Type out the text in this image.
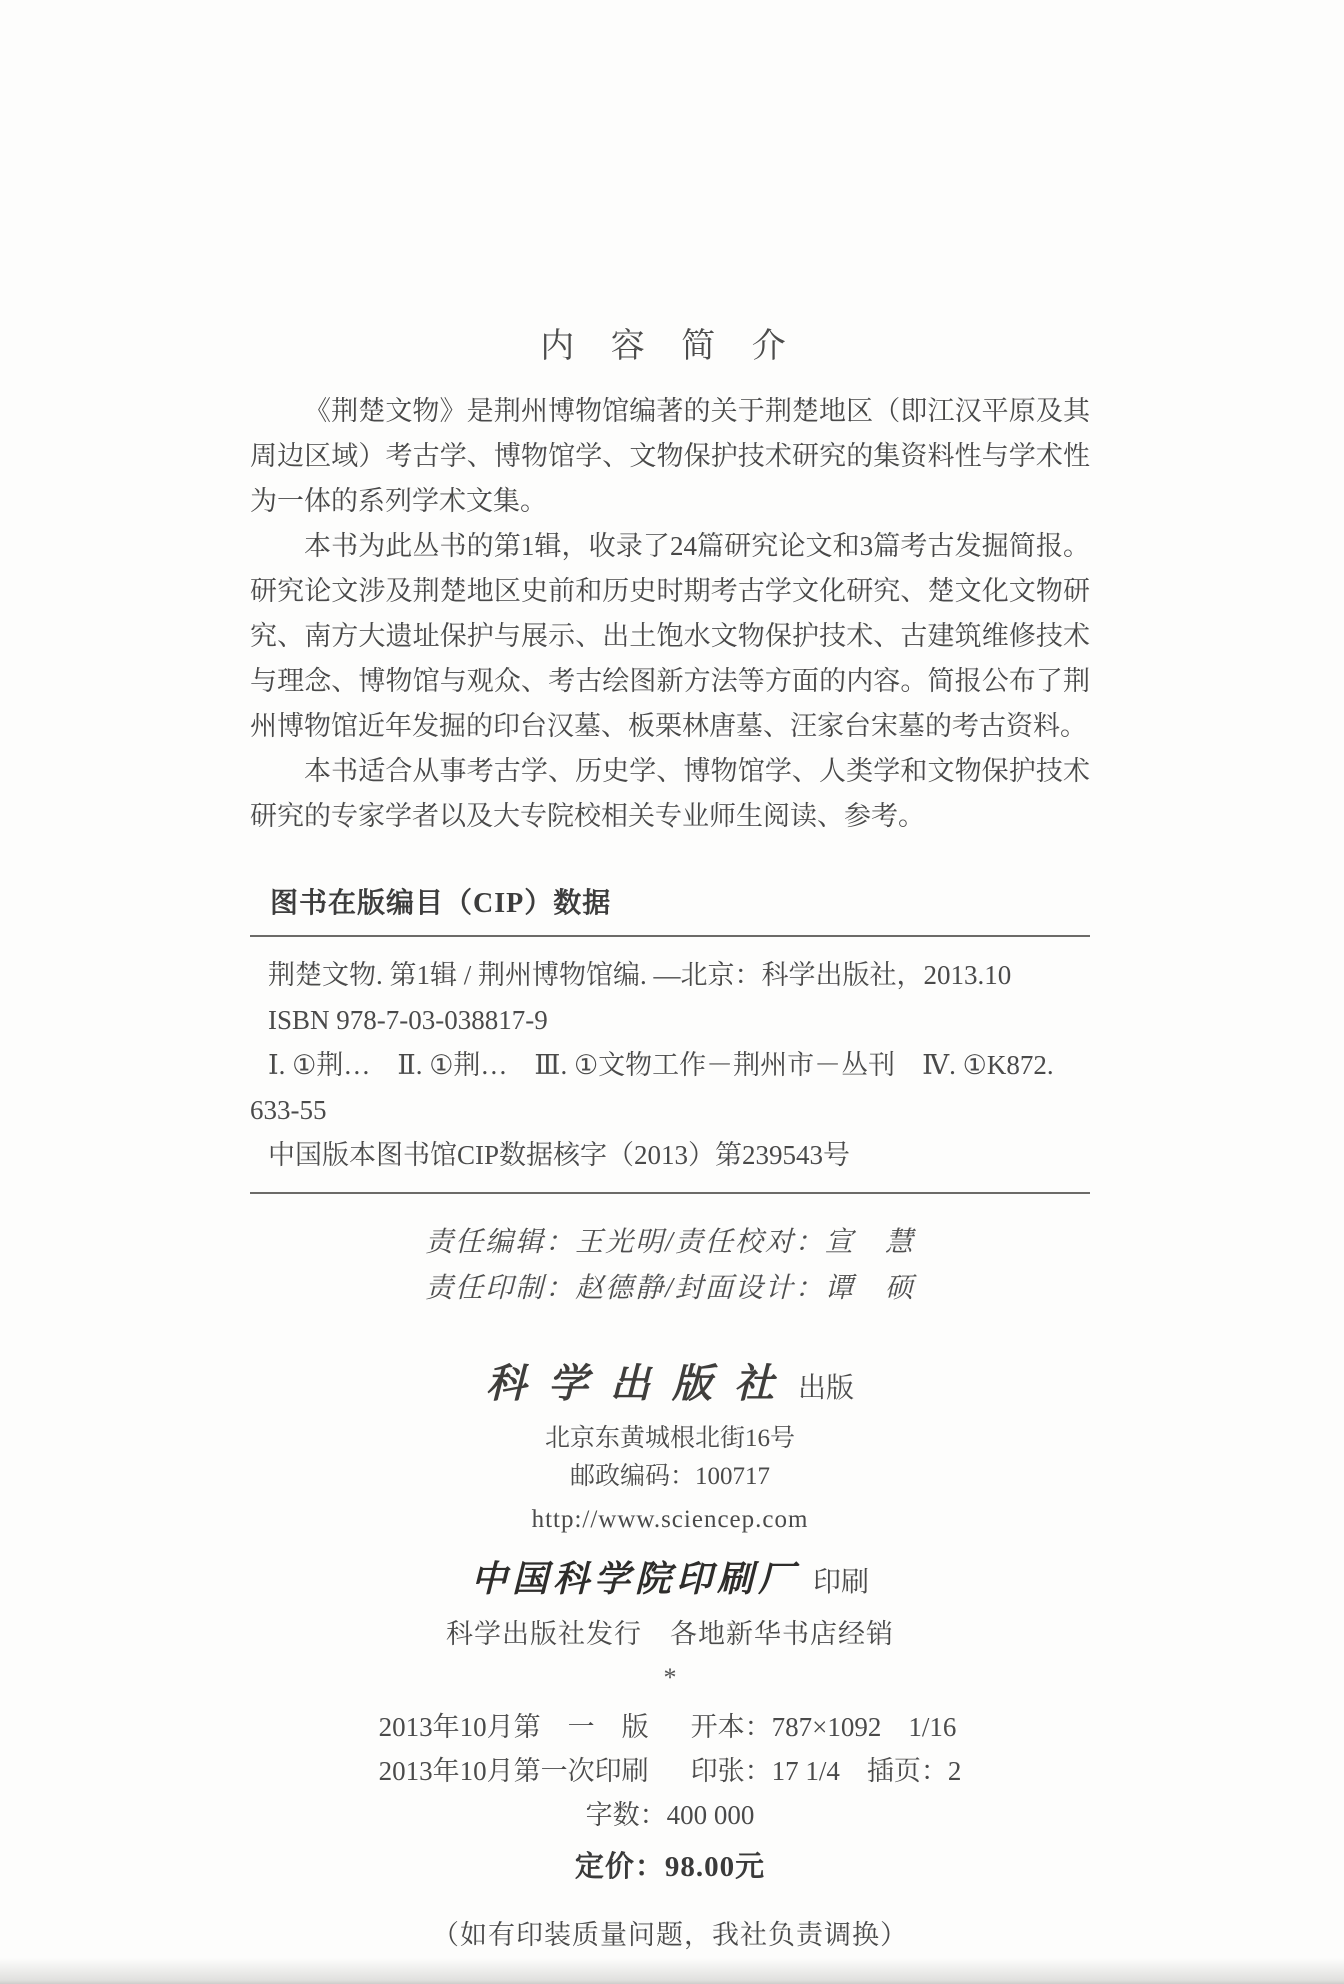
内 容 简 介

《荆楚文物》是荆州博物馆编著的关于荆楚地区（即江汉平原及其周边区域）考古学、博物馆学、文物保护技术研究的集资料性与学术性为一体的系列学术文集。

本书为此丛书的第1辑，收录了24篇研究论文和3篇考古发掘简报。研究论文涉及荆楚地区史前和历史时期考古学文化研究、楚文化文物研究、南方大遗址保护与展示、出土饱水文物保护技术、古建筑维修技术与理念、博物馆与观众、考古绘图新方法等方面的内容。简报公布了荆州博物馆近年发掘的印台汉墓、板栗林唐墓、汪家台宋墓的考古资料。

本书适合从事考古学、历史学、博物馆学、人类学和文物保护技术研究的专家学者以及大专院校相关专业师生阅读、参考。

图书在版编目（CIP）数据

荆楚文物. 第1辑 / 荆州博物馆编. —北京：科学出版社，2013.10

ISBN 978-7-03-038817-9

Ⅰ. ①荆…　Ⅱ. ①荆…　Ⅲ. ①文物工作－荆州市－丛刊　Ⅳ. ①K872.

633-55

中国版本图书馆CIP数据核字（2013）第239543号

责任编辑：王光明/责任校对：宣　慧
责任印制：赵德静/封面设计：谭　硕
科学出版社出版
北京东黄城根北街16号
邮政编码：100717
http://www.sciencep.com
中国科学院印刷厂 印刷
科学出版社发行　各地新华书店经销
*
2013年10月第　一　版 开本：787×1092　1/16
2013年10月第一次印刷 印张：17 1/4　插页：2
字数：400 000
定价：98.00元
（如有印装质量问题，我社负责调换）
